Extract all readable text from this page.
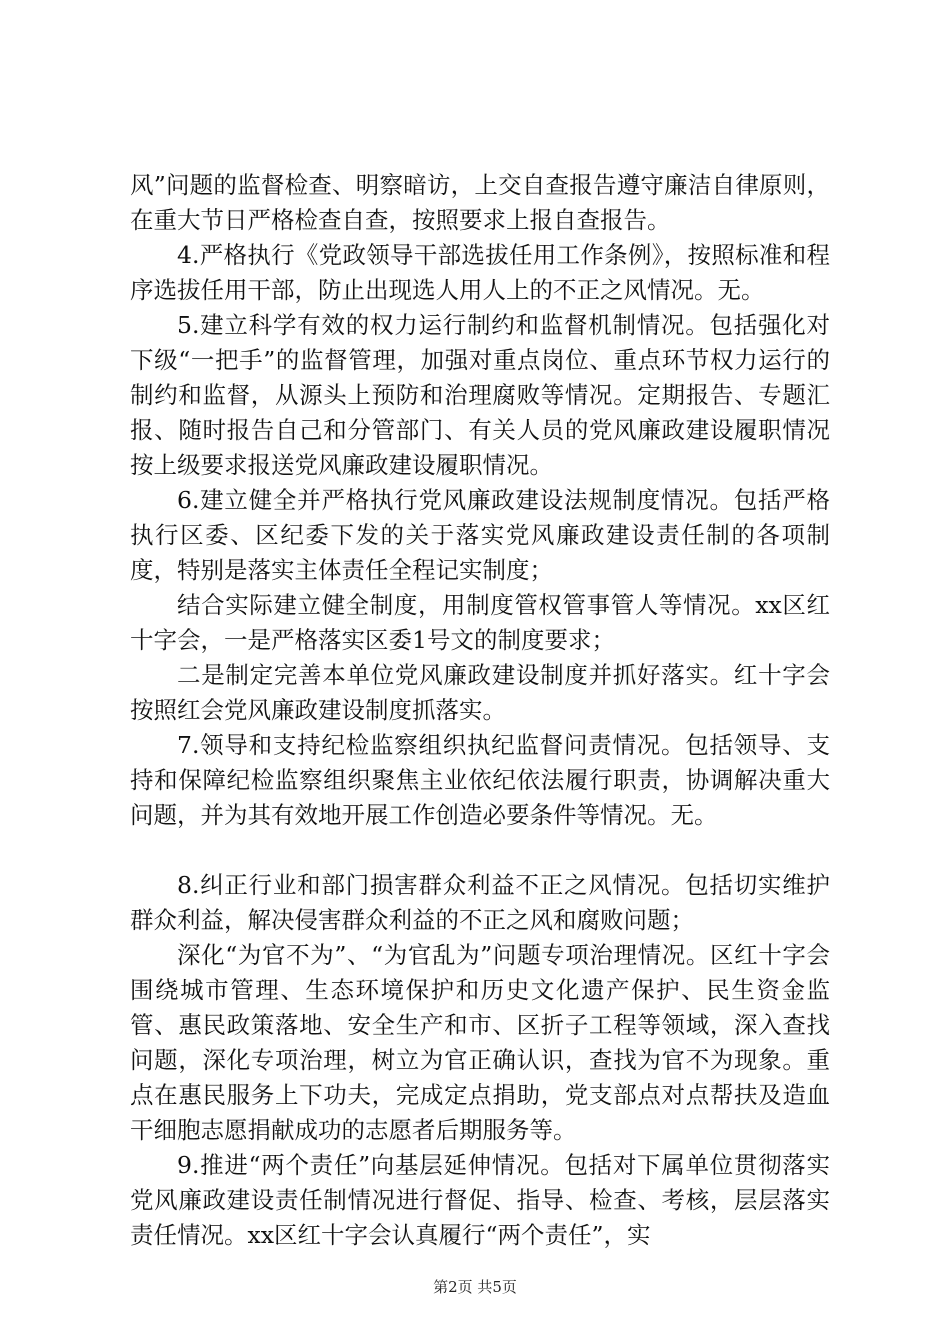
风”问题的监督检查、明察暗访，上交自查报告遵守廉洁自律原则，在重大节日严格检查自查，按照要求上报自查报告。

4.严格执行《党政领导干部选拔任用工作条例》，按照标准和程序选拔任用干部，防止出现选人用人上的不正之风情况。无。

5.建立科学有效的权力运行制约和监督机制情况。包括强化对下级“一把手”的监督管理，加强对重点岗位、重点环节权力运行的制约和监督，从源头上预防和治理腐败等情况。定期报告、专题汇报、随时报告自己和分管部门、有关人员的党风廉政建设履职情况按上级要求报送党风廉政建设履职情况。

6.建立健全并严格执行党风廉政建设法规制度情况。包括严格执行区委、区纪委下发的关于落实党风廉政建设责任制的各项制度，特别是落实主体责任全程记实制度；

结合实际建立健全制度，用制度管权管事管人等情况。xx区红十字会，一是严格落实区委1号文的制度要求；

二是制定完善本单位党风廉政建设制度并抓好落实。红十字会按照红会党风廉政建设制度抓落实。

7.领导和支持纪检监察组织执纪监督问责情况。包括领导、支持和保障纪检监察组织聚焦主业依纪依法履行职责，协调解决重大问题，并为其有效地开展工作创造必要条件等情况。无。

8.纠正行业和部门损害群众利益不正之风情况。包括切实维护群众利益，解决侵害群众利益的不正之风和腐败问题；

深化“为官不为”、“为官乱为”问题专项治理情况。区红十字会围绕城市管理、生态环境保护和历史文化遗产保护、民生资金监管、惠民政策落地、安全生产和市、区折子工程等领域，深入查找问题，深化专项治理，树立为官正确认识，查找为官不为现象。重点在惠民服务上下功夫，完成定点捐助，党支部点对点帮扶及造血干细胞志愿捐献成功的志愿者后期服务等。

9.推进“两个责任”向基层延伸情况。包括对下属单位贯彻落实党风廉政建设责任制情况进行督促、指导、检查、考核，层层落实责任情况。xx区红十字会认真履行“两个责任”，实

第2页 共5页
